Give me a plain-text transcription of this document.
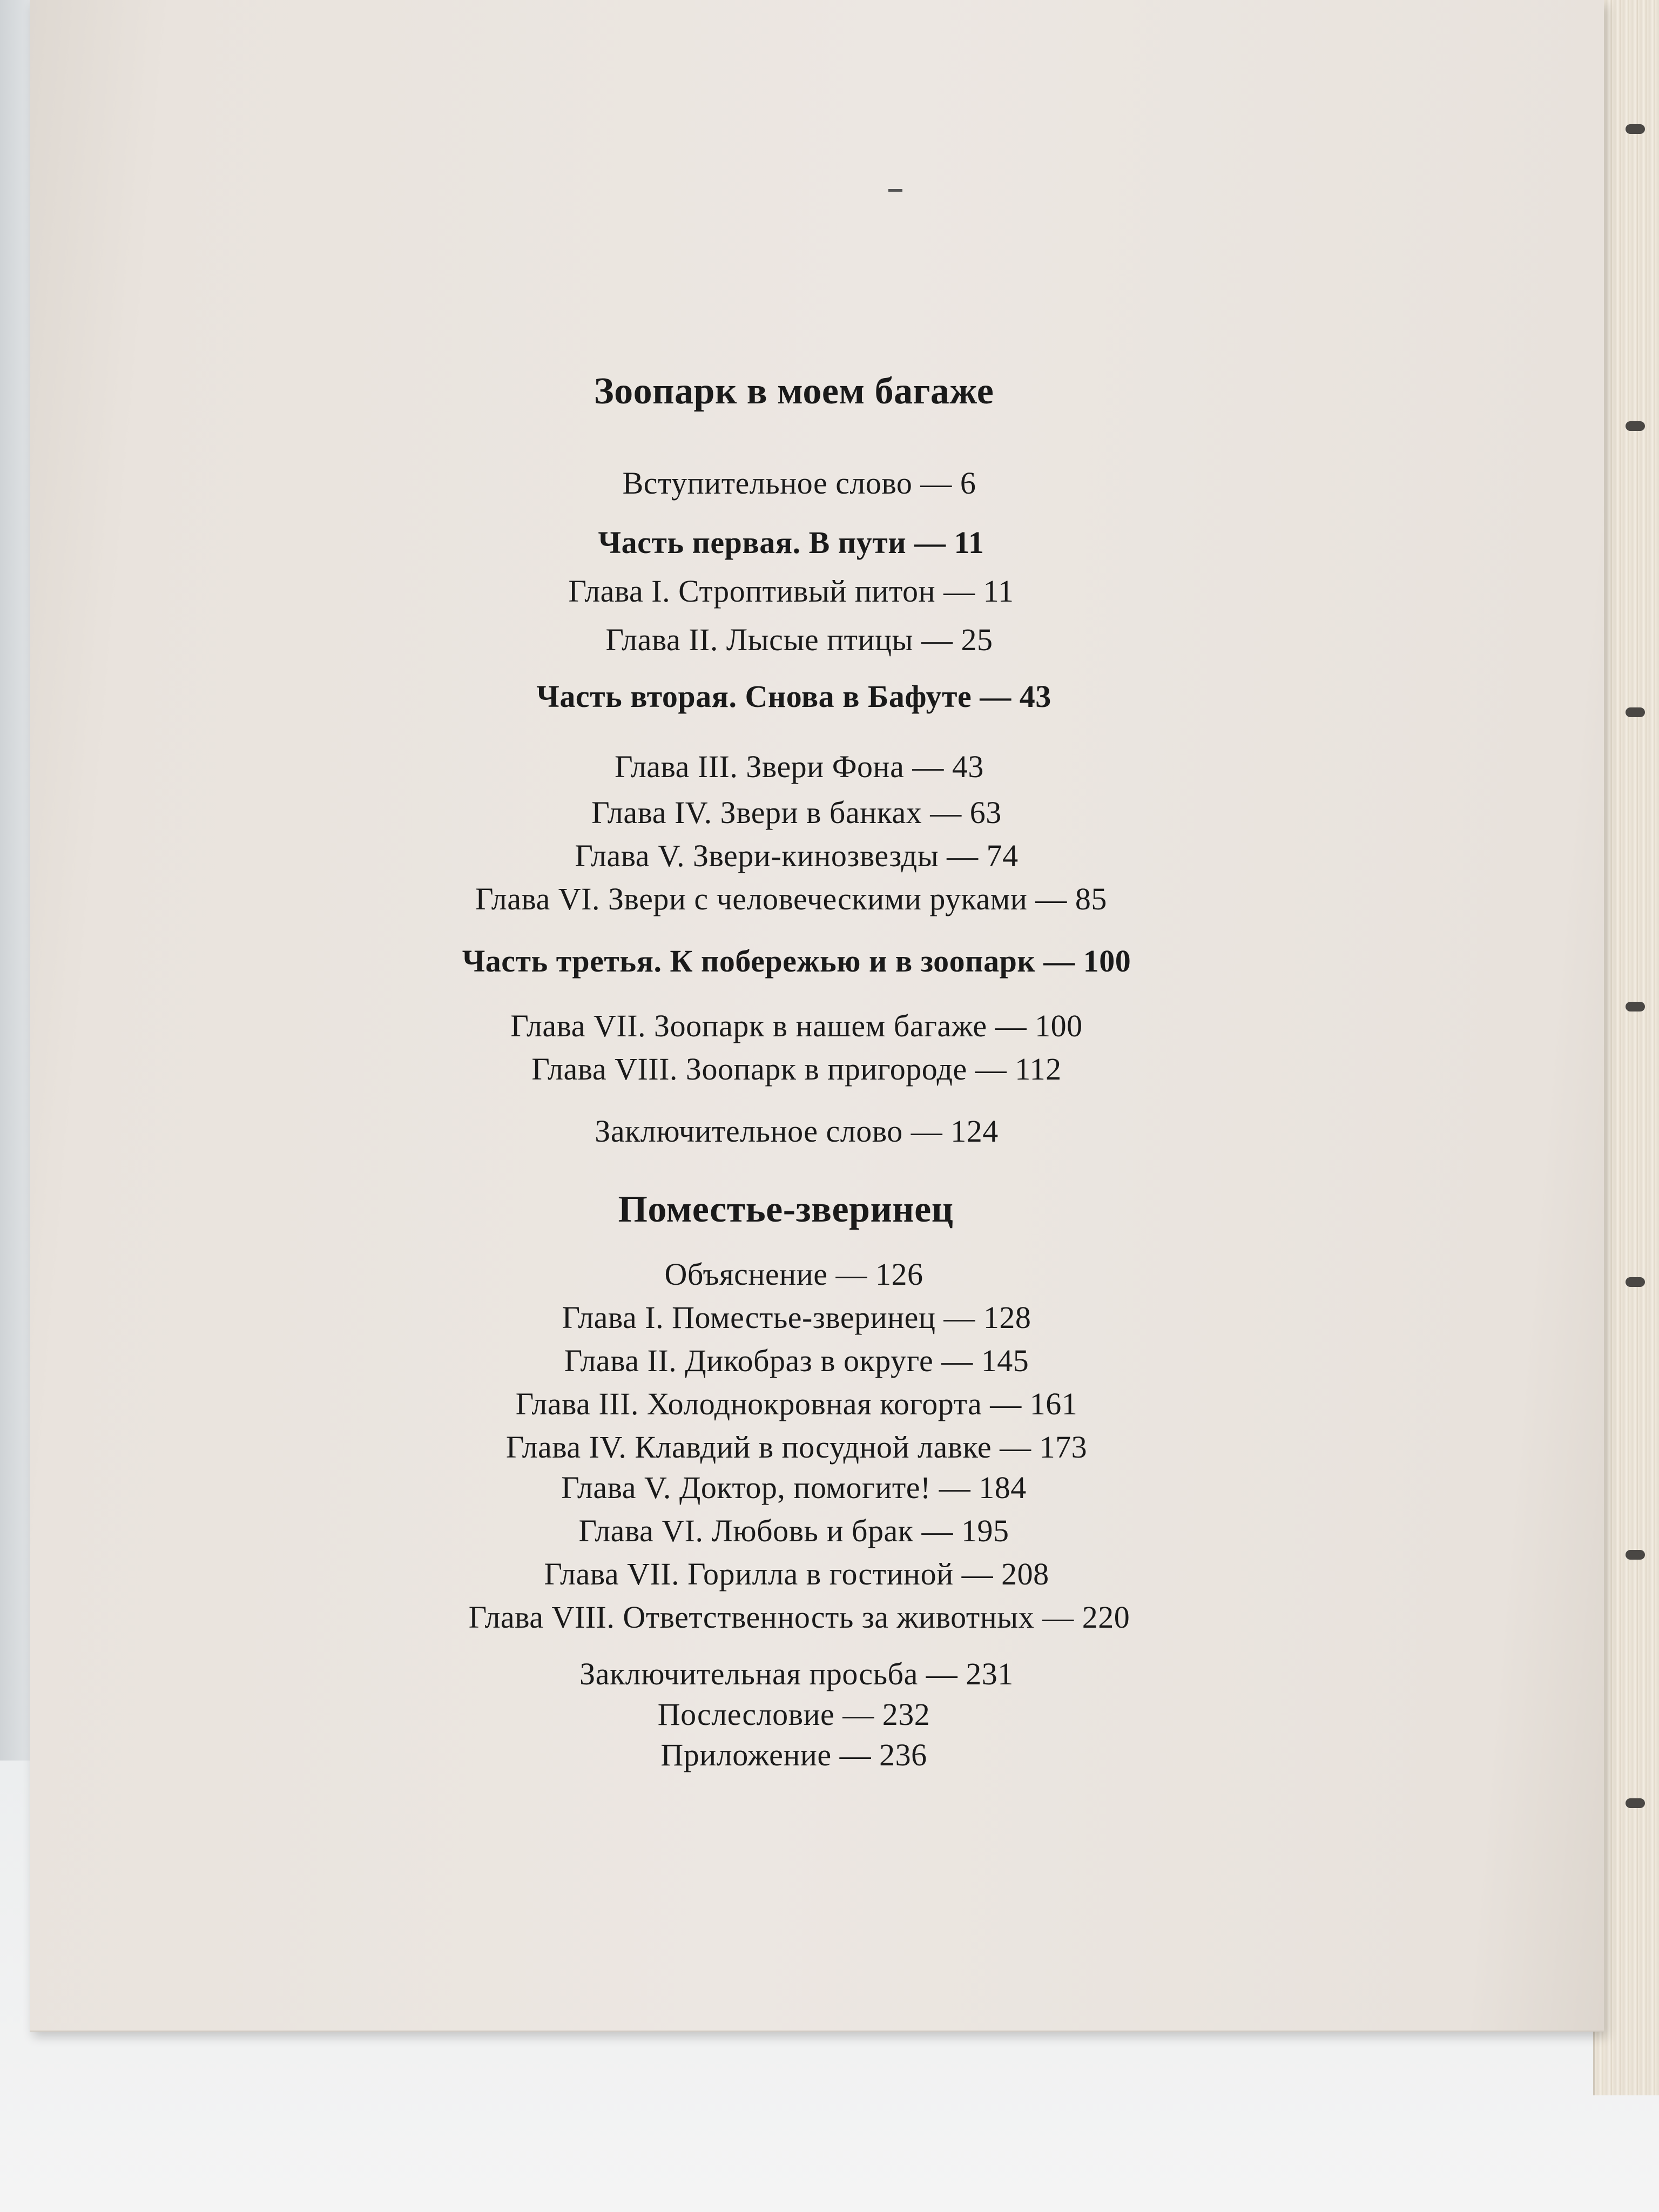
Зоопарк в моем багаже
Вступительное слово — 6
Часть первая. В пути — 11
Глава I. Строптивый питон — 11
Глава II. Лысые птицы — 25
Часть вторая. Снова в Бафуте — 43
Глава III. Звери Фона — 43
Глава IV. Звери в банках — 63
Глава V. Звери-кинозвезды — 74
Глава VI. Звери с человеческими руками — 85
Часть третья. К побережью и в зоопарк — 100
Глава VII. Зоопарк в нашем багаже — 100
Глава VIII. Зоопарк в пригороде — 112
Заключительное слово — 124
Поместье-зверинец
Объяснение — 126
Глава I. Поместье-зверинец — 128
Глава II. Дикобраз в округе — 145
Глава III. Холоднокровная когорта — 161
Глава IV. Клавдий в посудной лавке — 173
Глава V. Доктор, помогите! — 184
Глава VI. Любовь и брак — 195
Глава VII. Горилла в гостиной — 208
Глава VIII. Ответственность за животных — 220
Заключительная просьба — 231
Послесловие — 232
Приложение — 236
